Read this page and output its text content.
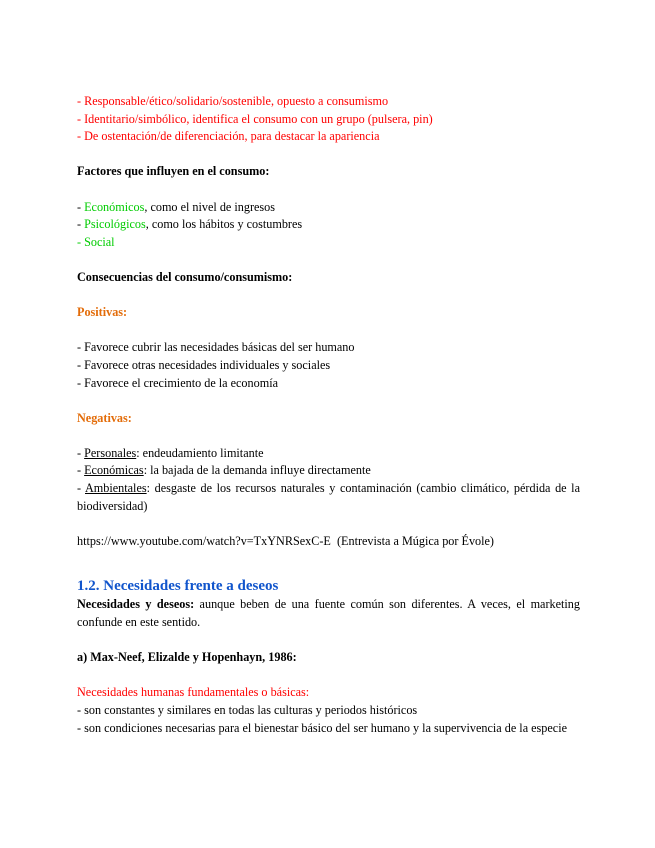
- Responsable/ético/solidario/sostenible, opuesto a consumismo
- Identitario/simbólico, identifica el consumo con un grupo (pulsera, pin)
- De ostentación/de diferenciación, para destacar la apariencia
Factores que influyen en el consumo:
- Económicos, como el nivel de ingresos
- Psicológicos, como los hábitos y costumbres
- Social
Consecuencias del consumo/consumismo:
Positivas:
- Favorece cubrir las necesidades básicas del ser humano
- Favorece otras necesidades individuales y sociales
- Favorece el crecimiento de la economía
Negativas:
- Personales: endeudamiento limitante
- Económicas: la bajada de la demanda influye directamente
- Ambientales: desgaste de los recursos naturales y contaminación (cambio climático, pérdida de la biodiversidad)
https://www.youtube.com/watch?v=TxYNRSexC-E  (Entrevista a Múgica por Évole)
1.2. Necesidades frente a deseos
Necesidades y deseos: aunque beben de una fuente común son diferentes. A veces, el marketing confunde en este sentido.
a) Max-Neef, Elizalde y Hopenhayn, 1986:
Necesidades humanas fundamentales o básicas:
- son constantes y similares en todas las culturas y periodos históricos
- son condiciones necesarias para el bienestar básico del ser humano y la supervivencia de la especie
